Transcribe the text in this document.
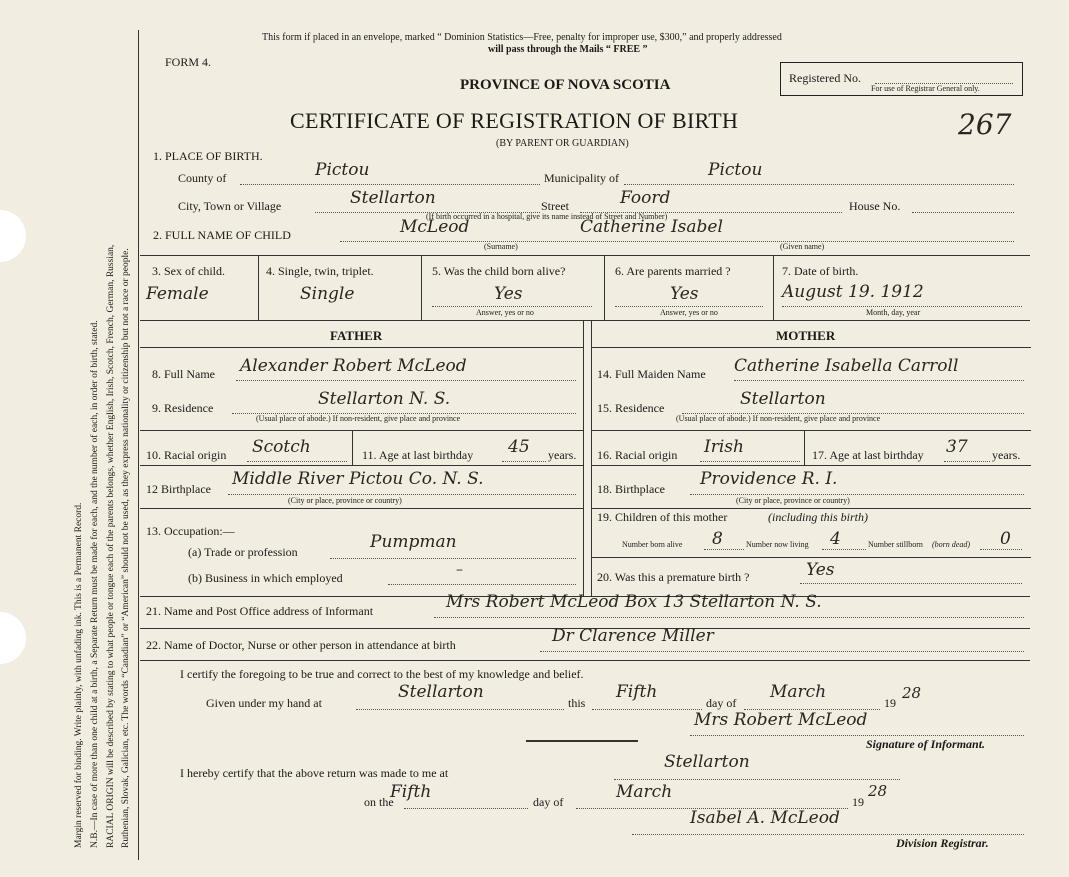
Margin reserved for binding. Write plainly, with unfading ink. This is a Permanent Record. N.B.—In case of more than one child at a birth, a Separate Return must be made for each, and the number of each, in order of birth, stated. RACIAL ORIGIN will be described by stating to what people or tongue each of the parents belongs, whether English, Irish, Scotch, French, German, Russian, Ruthenian, Slovak, Galician, etc. The words “Canadian” or “American” should not be used, as they express nationality or citizenship but not a race or people.
This form if placed in an envelope, marked “ Dominion Statistics—Free, penalty for improper use, $300,” and properly addressed
will pass through the Mails “ FREE ”
FORM 4.
PROVINCE OF NOVA SCOTIA	Registered No.
For use of Registrar General only.
CERTIFICATE OF REGISTRATION OF BIRTH
(BY PARENT OR GUARDIAN)
267
1. PLACE OF BIRTH.
County of	Pictou	Municipality of	Pictou
City, Town or Village	Stellarton	Street	Foord	House No.
(If birth occurred in a hospital, give its name instead of Street and Number)
2. FULL NAME OF CHILD	McLeod	Catherine Isabel
(Surname)	(Given name)
3. Sex of child.
Female
4. Single, twin, triplet.
Single
5. Was the child born alive?
Yes
Answer, yes or no
6. Are parents married ?
Yes
Answer, yes or no
7. Date of birth.
August 19. 1912
Month, day, year
FATHER	MOTHER
8. Full Name Alexander Robert McLeod
9. Residence	Stellarton N. S.
(Usual place of abode.) If non-resident, give place and province
10. Racial origin Scotch	11. Age at last birthday 45 years.
12 Birthplace Middle River Pictou Co. N. S.
(City or place, province or country)
13. Occupation:—
(a) Trade or profession	Pumpman
(b) Business in which employed	–
14. Full Maiden Name Catherine Isabella Carroll
15. Residence	Stellarton
(Usual place of abode.) If non-resident, give place and province
16. Racial origin Irish	17. Age at last birthday 37 years.
18. Birthplace Providence R. I.
(City or place, province or country)
19. Children of this mother	(including this birth)
Number born alive 8	Number now living 4	Number stillborn (born dead) 0
20. Was this a premature birth ?	Yes
21. Name and Post Office address of Informant	Mrs Robert McLeod Box 13 Stellarton N. S.
22. Name of Doctor, Nurse or other person in attendance at birth	Dr Clarence Miller
I certify the foregoing to be true and correct to the best of my knowledge and belief.
Given under my hand at
Stellarton
this
Fifth
day of
March
19
28
Mrs Robert McLeod
Signature of Informant.
I hereby certify that the above return was made to me at
Stellarton
on the
Fifth	day of	March	19
28
Isabel A. McLeod
Division Registrar.
